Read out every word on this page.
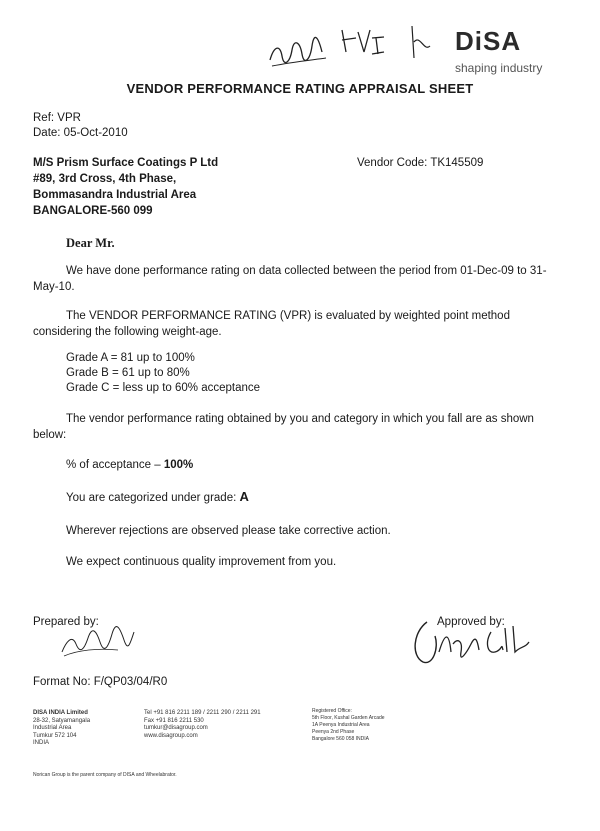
DiSA
shaping industry
VENDOR PERFORMANCE RATING APPRAISAL SHEET
Ref: VPR
Date: 05-Oct-2010
M/S Prism Surface Coatings P Ltd
#89, 3rd Cross, 4th Phase,
Bommasandra Industrial Area
BANGALORE-560 099
Vendor Code: TK145509
Dear Mr.
We have done performance rating on data collected between the period from 01-Dec-09 to 31-May-10.
The VENDOR PERFORMANCE RATING (VPR) is evaluated by weighted point method considering the following weight-age.
Grade A = 81 up to 100%
Grade B = 61 up to 80%
Grade C = less up to 60% acceptance
The vendor performance rating obtained by you and category in which you fall are as shown below:
% of acceptance – 100%
You are categorized under grade: A
Wherever rejections are observed please take corrective action.
We expect continuous quality improvement from you.
Prepared by:	Approved by:
Format No: F/QP03/04/R0
DISA INDIA Limited
28-32, Satyamangala
Industrial Area
Tumkur 572 104
INDIA
Tel +91 816 2211 189 / 2211 290 / 2211 291
Fax +91 816 2211 530
tumkur@disagroup.com
www.disagroup.com
Registered Office:
5th Floor, Kushal Garden Arcade
1A Peenya Industrial Area
Peenya 2nd Phase
Bangalore 560 058 INDIA
Norican Group is the parent company of DISA and Wheelabrator.
